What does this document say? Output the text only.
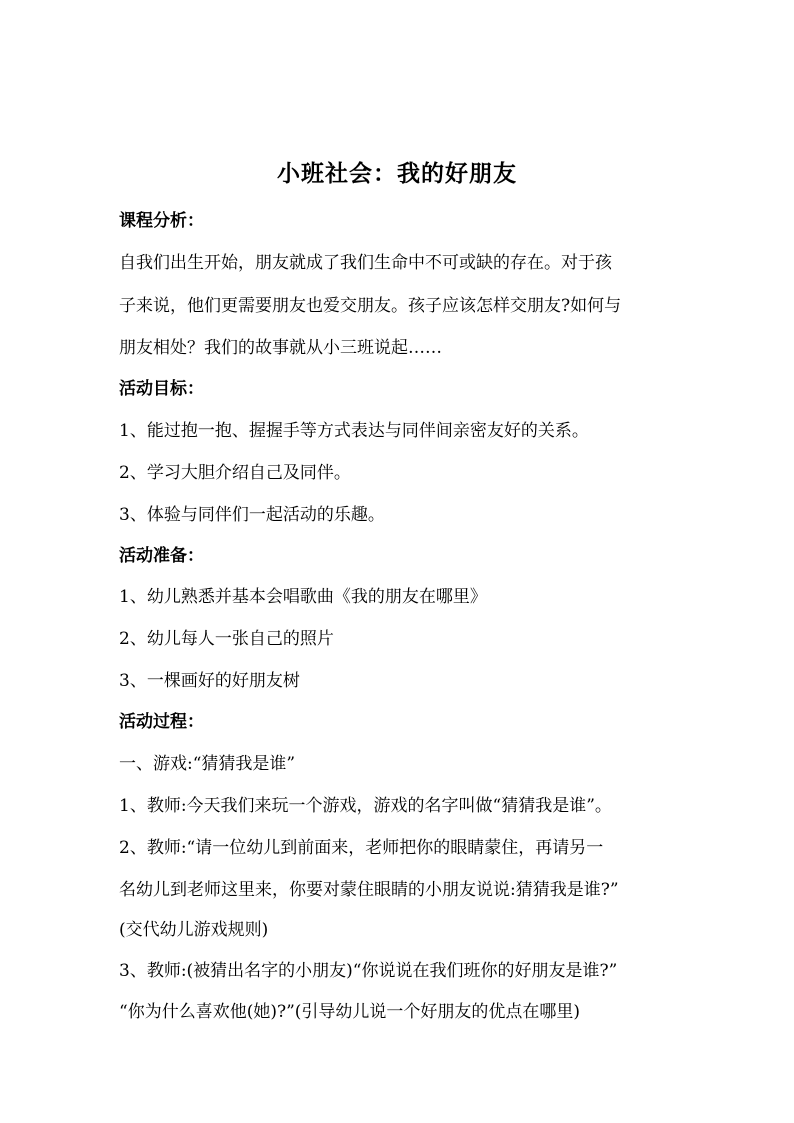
小班社会：我的好朋友
课程分析：
自我们出生开始，朋友就成了我们生命中不可或缺的存在。对于孩
子来说，他们更需要朋友也爱交朋友。孩子应该怎样交朋友?如何与
朋友相处？我们的故事就从小三班说起……
活动目标：
1、能过抱一抱、握握手等方式表达与同伴间亲密友好的关系。
2、学习大胆介绍自己及同伴。
3、体验与同伴们一起活动的乐趣。
活动准备：
1、幼儿熟悉并基本会唱歌曲《我的朋友在哪里》
2、幼儿每人一张自己的照片
3、一棵画好的好朋友树
活动过程：
一、游戏:“猜猜我是谁”
1、教师:今天我们来玩一个游戏，游戏的名字叫做“猜猜我是谁”。
2、教师:“请一位幼儿到前面来，老师把你的眼睛蒙住，再请另一
名幼儿到老师这里来，你要对蒙住眼睛的小朋友说说:猜猜我是谁?”
(交代幼儿游戏规则)
3、教师:(被猜出名字的小朋友)“你说说在我们班你的好朋友是谁?”
“你为什么喜欢他(她)?”(引导幼儿说一个好朋友的优点在哪里)
